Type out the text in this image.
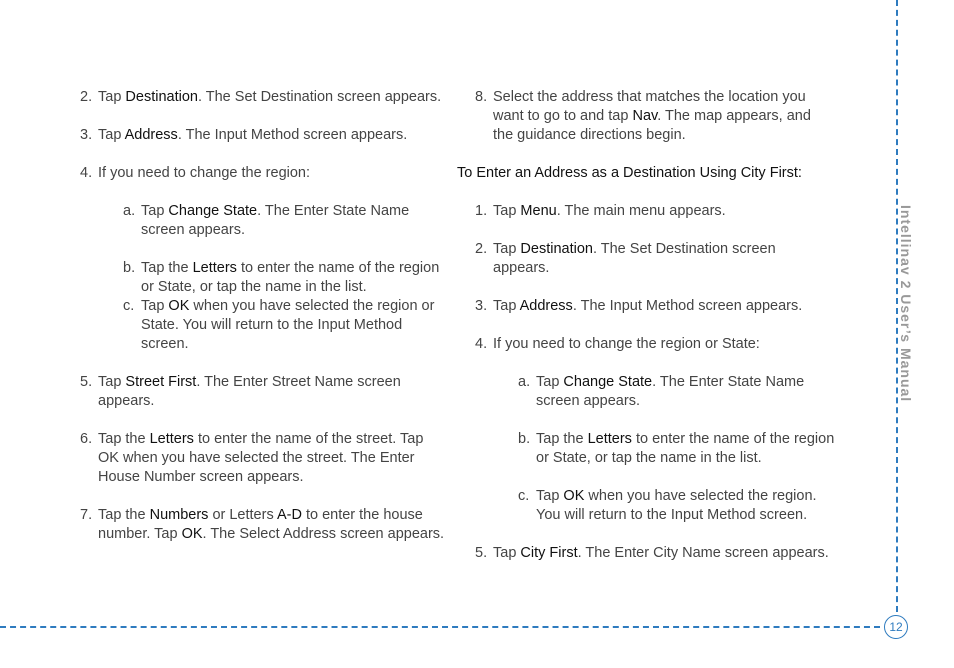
2. Tap Destination. The Set Destination screen appears.
3. Tap Address. The Input Method screen appears.
4. If you need to change the region:
a. Tap Change State. The Enter State Name screen appears.
b. Tap the Letters to enter the name of the region or State, or tap the name in the list.
c. Tap OK when you have selected the region or State. You will return to the Input Method screen.
5. Tap Street First. The Enter Street Name screen appears.
6. Tap the Letters to enter the name of the street. Tap OK when you have selected the street. The Enter House Number screen appears.
7. Tap the Numbers or Letters A-D to enter the house number. Tap OK. The Select Address screen appears.
8. Select the address that matches the location you want to go to and tap Nav. The map appears, and the guidance directions begin.
To Enter an Address as a Destination Using City First:
1. Tap Menu. The main menu appears.
2. Tap Destination. The Set Destination screen appears.
3. Tap Address. The Input Method screen appears.
4. If you need to change the region or State:
a. Tap Change State. The Enter State Name screen appears.
b. Tap the Letters to enter the name of the region or State, or tap the name in the list.
c. Tap OK when you have selected the region. You will return to the Input Method screen.
5. Tap City First. The Enter City Name screen appears.
Intellinav 2 User’s Manual
12
